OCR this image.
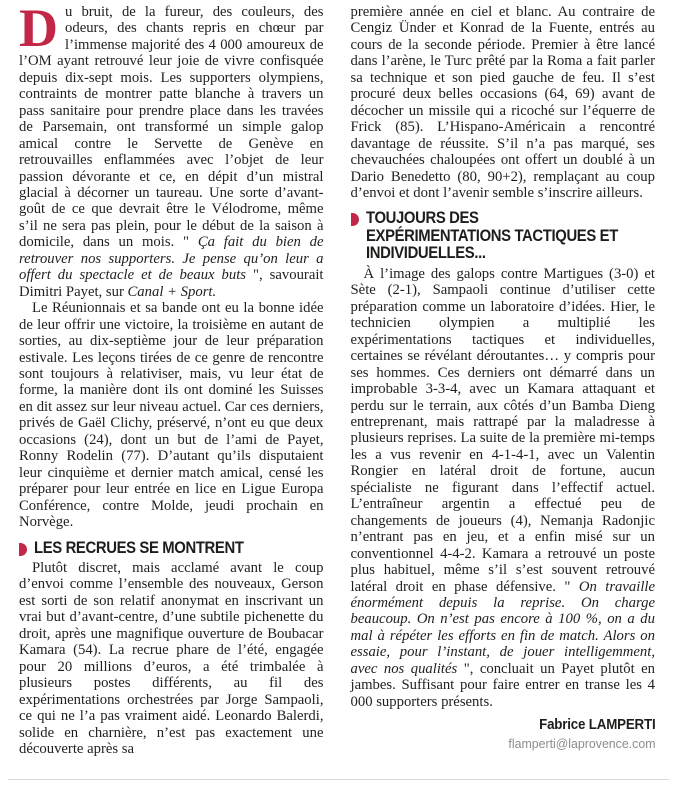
D u bruit, de la fureur, des couleurs, des odeurs, des chants repris en chœur par l’immense majorité des 4 000 amoureux de l’OM ayant retrouvé leur joie de vivre confisquée depuis dix-sept mois. Les supporters olympiens, contraints de montrer patte blanche à travers un pass sanitaire pour prendre place dans les travées de Parsemain, ont transformé un simple galop amical contre le Servette de Genève en retrouvailles enflammées avec l’objet de leur passion dévorante et ce, en dépit d’un mistral glacial à décorner un taureau. Une sorte d’avant-goût de ce que devrait être le Vélodrome, même s’il ne sera pas plein, pour le début de la saison à domicile, dans un mois. " Ça fait du bien de retrouver nos supporters. Je pense qu’on leur a offert du spectacle et de beaux buts ", savourait Dimitri Payet, sur Canal + Sport.

Le Réunionnais et sa bande ont eu la bonne idée de leur offrir une victoire, la troisième en autant de sorties, au dix-septième jour de leur préparation estivale. Les leçons tirées de ce genre de rencontre sont toujours à relativiser, mais, vu leur état de forme, la manière dont ils ont dominé les Suisses en dit assez sur leur niveau actuel. Car ces derniers, privés de Gaël Clichy, préservé, n’ont eu que deux occasions (24), dont un but de l’ami de Payet, Ronny Rodelin (77). D’autant qu’ils disputaient leur cinquième et dernier match amical, censé les préparer pour leur entrée en lice en Ligue Europa Conférence, contre Molde, jeudi prochain en Norvège.

LES RECRUES SE MONTRENT

Plutôt discret, mais acclamé avant le coup d’envoi comme l’ensemble des nouveaux, Gerson est sorti de son relatif anonymat en inscrivant un vrai but d’avant-centre, d’une subtile pichenette du droit, après une magnifique ouverture de Boubacar Kamara (54). La recrue phare de l’été, engagée pour 20 millions d’euros, a été trimbalée à plusieurs postes différents, au fil des expérimentations orchestrées par Jorge Sampaoli, ce qui ne l’a pas vraiment aidé. Leonardo Balerdi, solide en charnière, n’est pas exactement une découverte après sa

première année en ciel et blanc. Au contraire de Cengiz Ünder et Konrad de la Fuente, entrés au cours de la seconde période. Premier à être lancé dans l’arène, le Turc prêté par la Roma a fait parler sa technique et son pied gauche de feu. Il s’est procuré deux belles occasions (64, 69) avant de décocher un missile qui a ricoché sur l’équerre de Frick (85). L’Hispano-Américain a rencontré davantage de réussite. S’il n’a pas marqué, ses chevauchées chaloupées ont offert un doublé à un Dario Benedetto (80, 90+2), remplaçant au coup d’envoi et dont l’avenir semble s’inscrire ailleurs.

TOUJOURS DES EXPÉRIMENTATIONS TACTIQUES ET INDIVIDUELLES...

À l’image des galops contre Martigues (3-0) et Sète (2-1), Sampaoli continue d’utiliser cette préparation comme un laboratoire d’idées. Hier, le technicien olympien a multiplié les expérimentations tactiques et individuelles, certaines se révélant déroutantes… y compris pour ses hommes. Ces derniers ont démarré dans un improbable 3-3-4, avec un Kamara attaquant et perdu sur le terrain, aux côtés d’un Bamba Dieng entreprenant, mais rattrapé par la maladresse à plusieurs reprises. La suite de la première mi-temps les a vus revenir en 4-1-4-1, avec un Valentin Rongier en latéral droit de fortune, aucun spécialiste ne figurant dans l’effectif actuel. L’entraîneur argentin a effectué peu de changements de joueurs (4), Nemanja Radonjic n’entrant pas en jeu, et a enfin misé sur un conventionnel 4-4-2. Kamara a retrouvé un poste plus habituel, même s’il s’est souvent retrouvé latéral droit en phase défensive. " On travaille énormément depuis la reprise. On charge beaucoup. On n’est pas encore à 100 %, on a du mal à répéter les efforts en fin de match. Alors on essaie, pour l’instant, de jouer intelligemment, avec nos qualités ", concluait un Payet plutôt en jambes. Suffisant pour faire entrer en transe les 4 000 supporters présents.

Fabrice LAMPERTI
flamperti@laprovence.com
